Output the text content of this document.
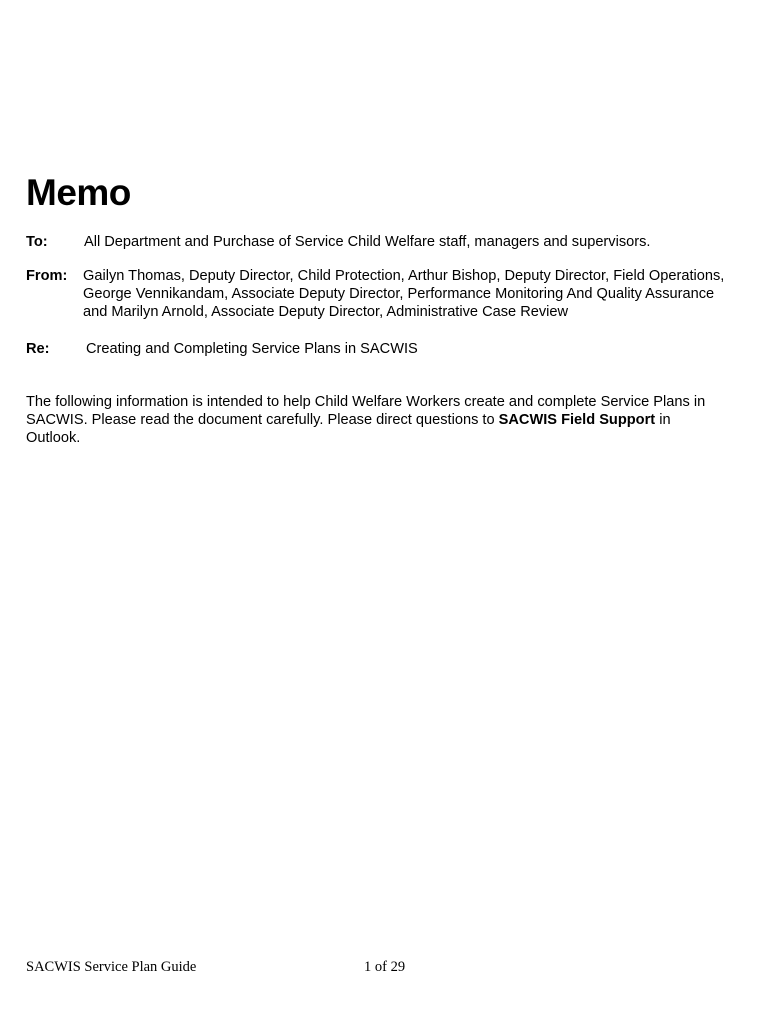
Memo
To: All Department and Purchase of Service Child Welfare staff, managers and supervisors.
From: Gailyn Thomas, Deputy Director, Child Protection, Arthur Bishop, Deputy Director, Field Operations, George Vennikandam, Associate Deputy Director, Performance Monitoring And Quality Assurance and Marilyn Arnold, Associate Deputy Director, Administrative Case Review
Re: Creating and Completing Service Plans in SACWIS

The following information is intended to help Child Welfare Workers create and complete Service Plans in SACWIS. Please read the document carefully. Please direct questions to SACWIS Field Support in Outlook.

SACWIS Service Plan Guide	1 of 29
